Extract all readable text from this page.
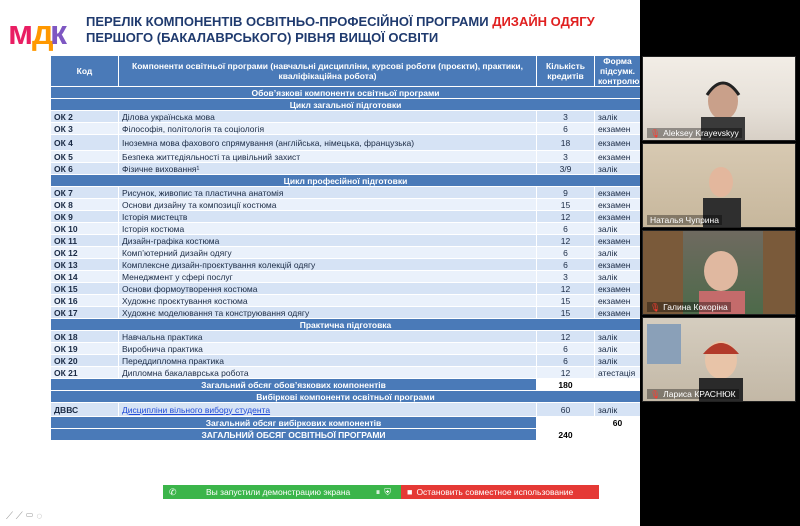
м
д
к ПЕРЕЛІК КОМПОНЕНТІВ ОСВІТНЬО-ПРОФЕСІЙНОЇ ПРОГРАМИ ДИЗАЙН ОДЯГУ
ПЕРШОГО (БАКАЛАВРСЬКОГО) РІВНЯ ВИЩОЇ ОСВІТИ
Код	Компоненти освітньої програми (навчальні дисципліни, курсові роботи (проєкти), практики, кваліфікаційна робота)	Кількість кредитів	Форма підсумк. контролю
Обов’язкові компоненти освітньої програми			
Цикл загальної підготовки			
ОК 2	Ділова українська мова	3	залік
ОК 3	Філософія, політологія та соціологія	6	екзамен
ОК 4	Іноземна мова фахового спрямування (англійська, німецька, французька)	18	екзамен
ОК 5	Безпека життєдіяльності та цивільний захист	3	екзамен
ОК 6	Фізичне виховання¹	3/9	залік
Цикл професійної підготовки			
ОК 7	Рисунок, живопис та пластична анатомія	9	екзамен
ОК 8	Основи дизайну та композиції костюма	15	екзамен
ОК 9	Історія мистецтв	12	екзамен
ОК 10	Історія костюма	6	залік
ОК 11	Дизайн-графіка костюма	12	екзамен
ОК 12	Комп’ютерний дизайн одягу	6	залік
ОК 13	Комплексне дизайн-проєктування колекцій одягу	6	екзамен
ОК 14	Менеджмент у сфері послуг	3	залік
ОК 15	Основи формоутворення костюма	12	екзамен
ОК 16	Художнє проєктування костюма	15	екзамен
ОК 17	Художнє моделювання та конструювання одягу	15	екзамен
Практична підготовка			
ОК 18	Навчальна практика	12	залік
ОК 19	Виробнича практика	6	залік
ОК 20	Переддипломна практика	6	залік
ОК 21	Дипломна бакалаврська робота	12	атестація
Загальний обсяг обов’язкових компонентів		180	
Вибіркові компоненти освітньої програми			
ДВВС	Дисципліни вільного вибору студента	60	залік
Загальний обсяг вибіркових компонентів			60
ЗАГАЛЬНИЙ ОБСЯГ ОСВІТНЬОЇ ПРОГРАМИ		240	
⟋ ⟋ ▭ ◌
✆	Вы запустили демонстрацию экрана	⏸ ⛨ ■ Остановить совместное использование
🎙 Aleksey Krayevskyy
Наталья Чуприна
🎙 Галина Кокоріна
🎙 Лариса КРАСНЮК
